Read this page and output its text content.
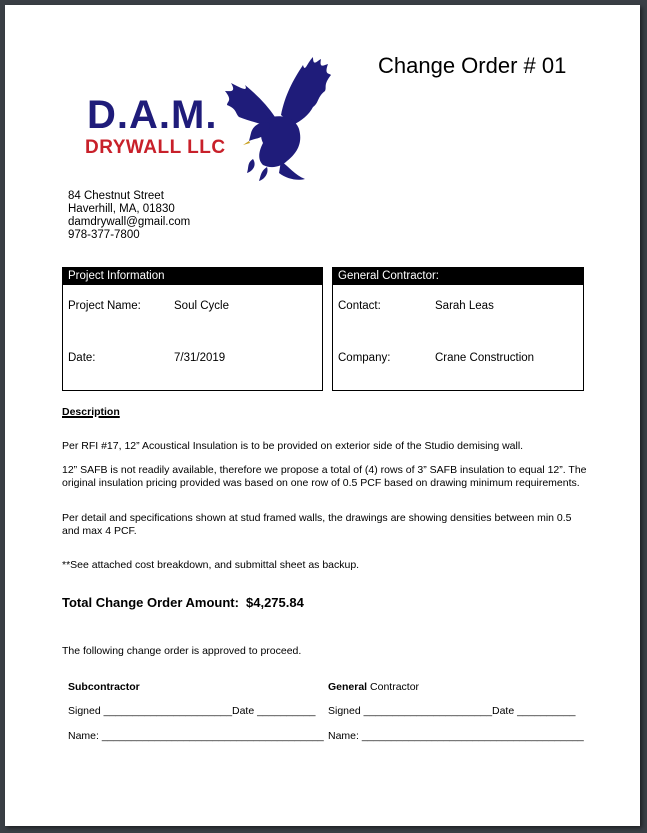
D.A.M.
DRYWALL LLC
Change Order # 01
84 Chestnut Street
Haverhill, MA, 01830
damdrywall@gmail.com
978-377-7800
Project Information
Project Name:	Soul Cycle
Date:	7/31/2019
General Contractor:
Contact:	Sarah Leas
Company:	Crane Construction
Description
Per RFI #17, 12” Acoustical Insulation is to be provided on exterior side of the Studio demising wall.
12” SAFB is not readily available, therefore we propose a total of (4) rows of 3” SAFB insulation to equal 12”. The original insulation pricing provided was based on one row of 0.5 PCF based on drawing minimum requirements.
Per detail and specifications shown at stud framed walls, the drawings are showing densities between min 0.5 and max 4 PCF.
**See attached cost breakdown, and submittal sheet as backup.
Total Change Order Amount: $4,275.84
The following change order is approved to proceed.
Subcontractor	General Contractor
Signed ______________________ Date __________ Signed ______________________ Date __________
Name: ______________________________________ Name: ______________________________________
